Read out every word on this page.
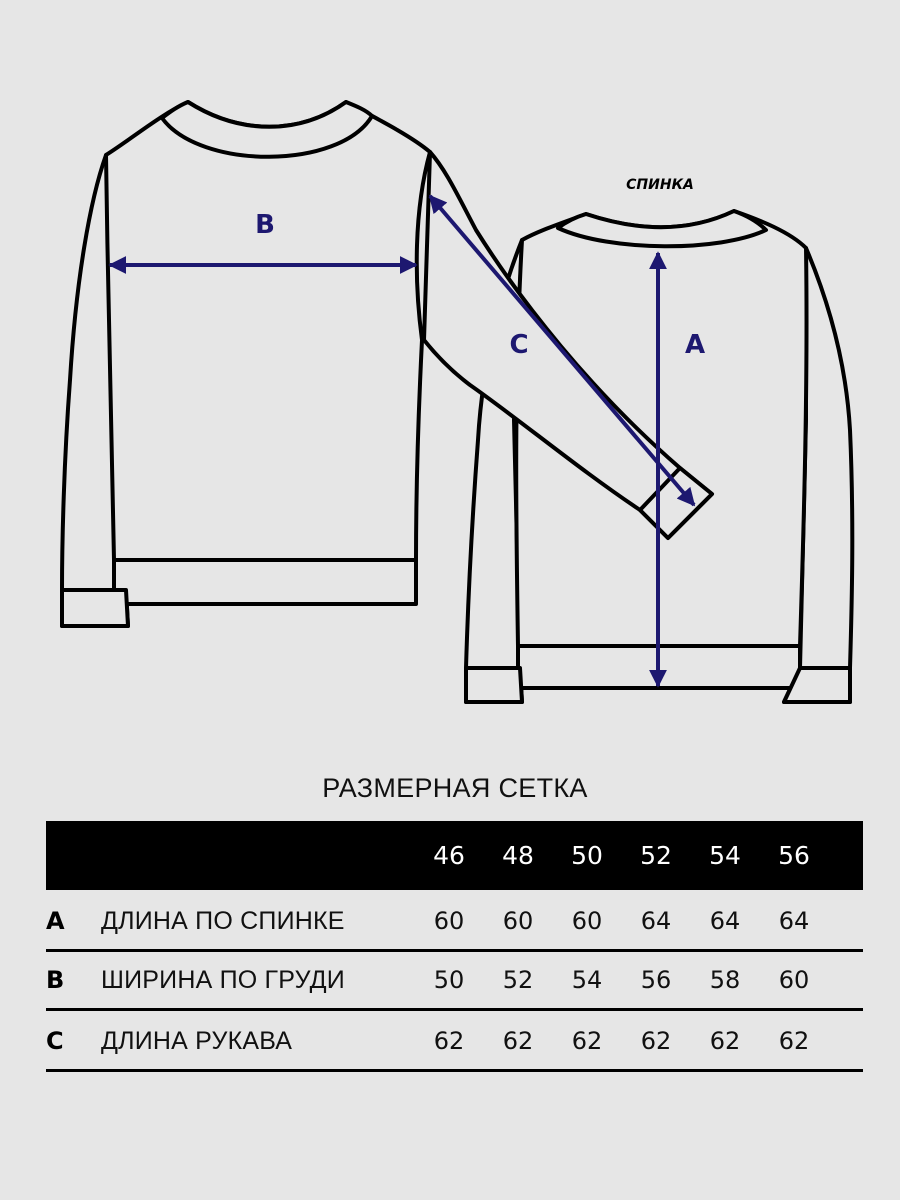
B
C	A
СПИНКА
РАЗМЕРНАЯ СЕТКА
46	48	50	52	54	56
A ДЛИНА ПО СПИНКЕ	60	60	60	64	64	64
B ШИРИНА ПО ГРУДИ	50	52	54	56	58	60
C ДЛИНА РУКАВА	62	62	62	62	62	62
